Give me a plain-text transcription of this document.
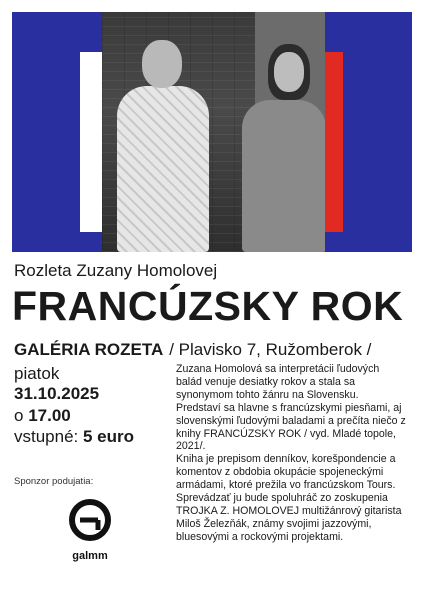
Rozleta Zuzany Homolovej
FRANCÚZSKY ROK
GALÉRIA ROZETA / Plavisko 7, Ružomberok /
piatok
31.10.2025
o 17.00
vstupné: 5 euro
Sponzor podujatia:
galmm

Zuzana Homolová sa interpretácii ľudových balád venuje desiatky rokov a stala sa synonymom tohto žánru na Slovensku.

Predstaví sa hlavne s francúzskymi piesňami, aj slovenskými ľudovými baladami a prečíta niečo z knihy FRANCÚZSKY ROK / vyd. Mladé topole, 2021/.

Kniha je prepisom denníkov, korešpondencie a komentov z obdobia okupácie spojeneckými armádami, ktoré prežila vo francúzskom Tours.

Sprevádzať ju bude spoluhráč zo zoskupenia TROJKA Z. HOMOLOVEJ multižánrový gitarista Miloš Železňák, známy svojimi jazzovými, bluesovými a rockovými projektami.
